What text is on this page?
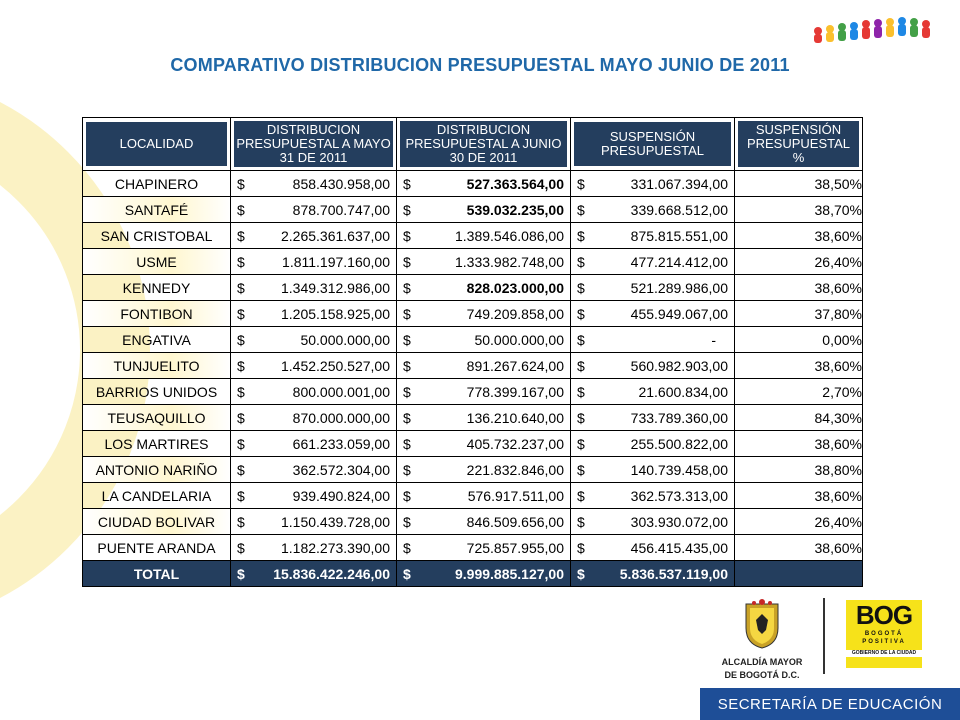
COMPARATIVO DISTRIBUCION PRESUPUESTAL MAYO JUNIO DE 2011
LOCALIDAD	DISTRIBUCION PRESUPUESTAL A MAYO 31 DE 2011	DISTRIBUCION PRESUPUESTAL A JUNIO 30 DE 2011	SUSPENSIÓN PRESUPUESTAL	SUSPENSIÓN PRESUPUESTAL %

CHAPINERO	$ 858.430.958,00	$ 527.363.564,00	$ 331.067.394,00	38,50%
SANTAFÉ	$ 878.700.747,00	$ 539.032.235,00	$ 339.668.512,00	38,70%
SAN CRISTOBAL	$ 2.265.361.637,00	$ 1.389.546.086,00	$ 875.815.551,00	38,60%
USME	$ 1.811.197.160,00	$ 1.333.982.748,00	$ 477.214.412,00	26,40%
KENNEDY	$ 1.349.312.986,00	$ 828.023.000,00	$ 521.289.986,00	38,60%
FONTIBON	$ 1.205.158.925,00	$ 749.209.858,00	$ 455.949.067,00	37,80%
ENGATIVA	$ 50.000.000,00	$ 50.000.000,00	$ -	0,00%
TUNJUELITO	$ 1.452.250.527,00	$ 891.267.624,00	$ 560.982.903,00	38,60%
BARRIOS UNIDOS	$ 800.000.001,00	$ 778.399.167,00	$ 21.600.834,00	2,70%
TEUSAQUILLO	$ 870.000.000,00	$ 136.210.640,00	$ 733.789.360,00	84,30%
LOS MARTIRES	$ 661.233.059,00	$ 405.732.237,00	$ 255.500.822,00	38,60%
ANTONIO NARIÑO	$ 362.572.304,00	$ 221.832.846,00	$ 140.739.458,00	38,80%
LA CANDELARIA	$ 939.490.824,00	$ 576.917.511,00	$ 362.573.313,00	38,60%
CIUDAD BOLIVAR	$ 1.150.439.728,00	$ 846.509.656,00	$ 303.930.072,00	26,40%
PUENTE ARANDA	$ 1.182.273.390,00	$ 725.857.955,00	$ 456.415.435,00	38,60%
TOTAL	$ 15.836.422.246,00	$ 9.999.885.127,00	$ 5.836.537.119,00	

ALCALDÍA MAYOR
DE BOGOTÁ D.C.
BOG
BOGOTÁ POSITIVA
GOBIERNO DE LA CIUDAD
SECRETARÍA DE EDUCACIÓN
